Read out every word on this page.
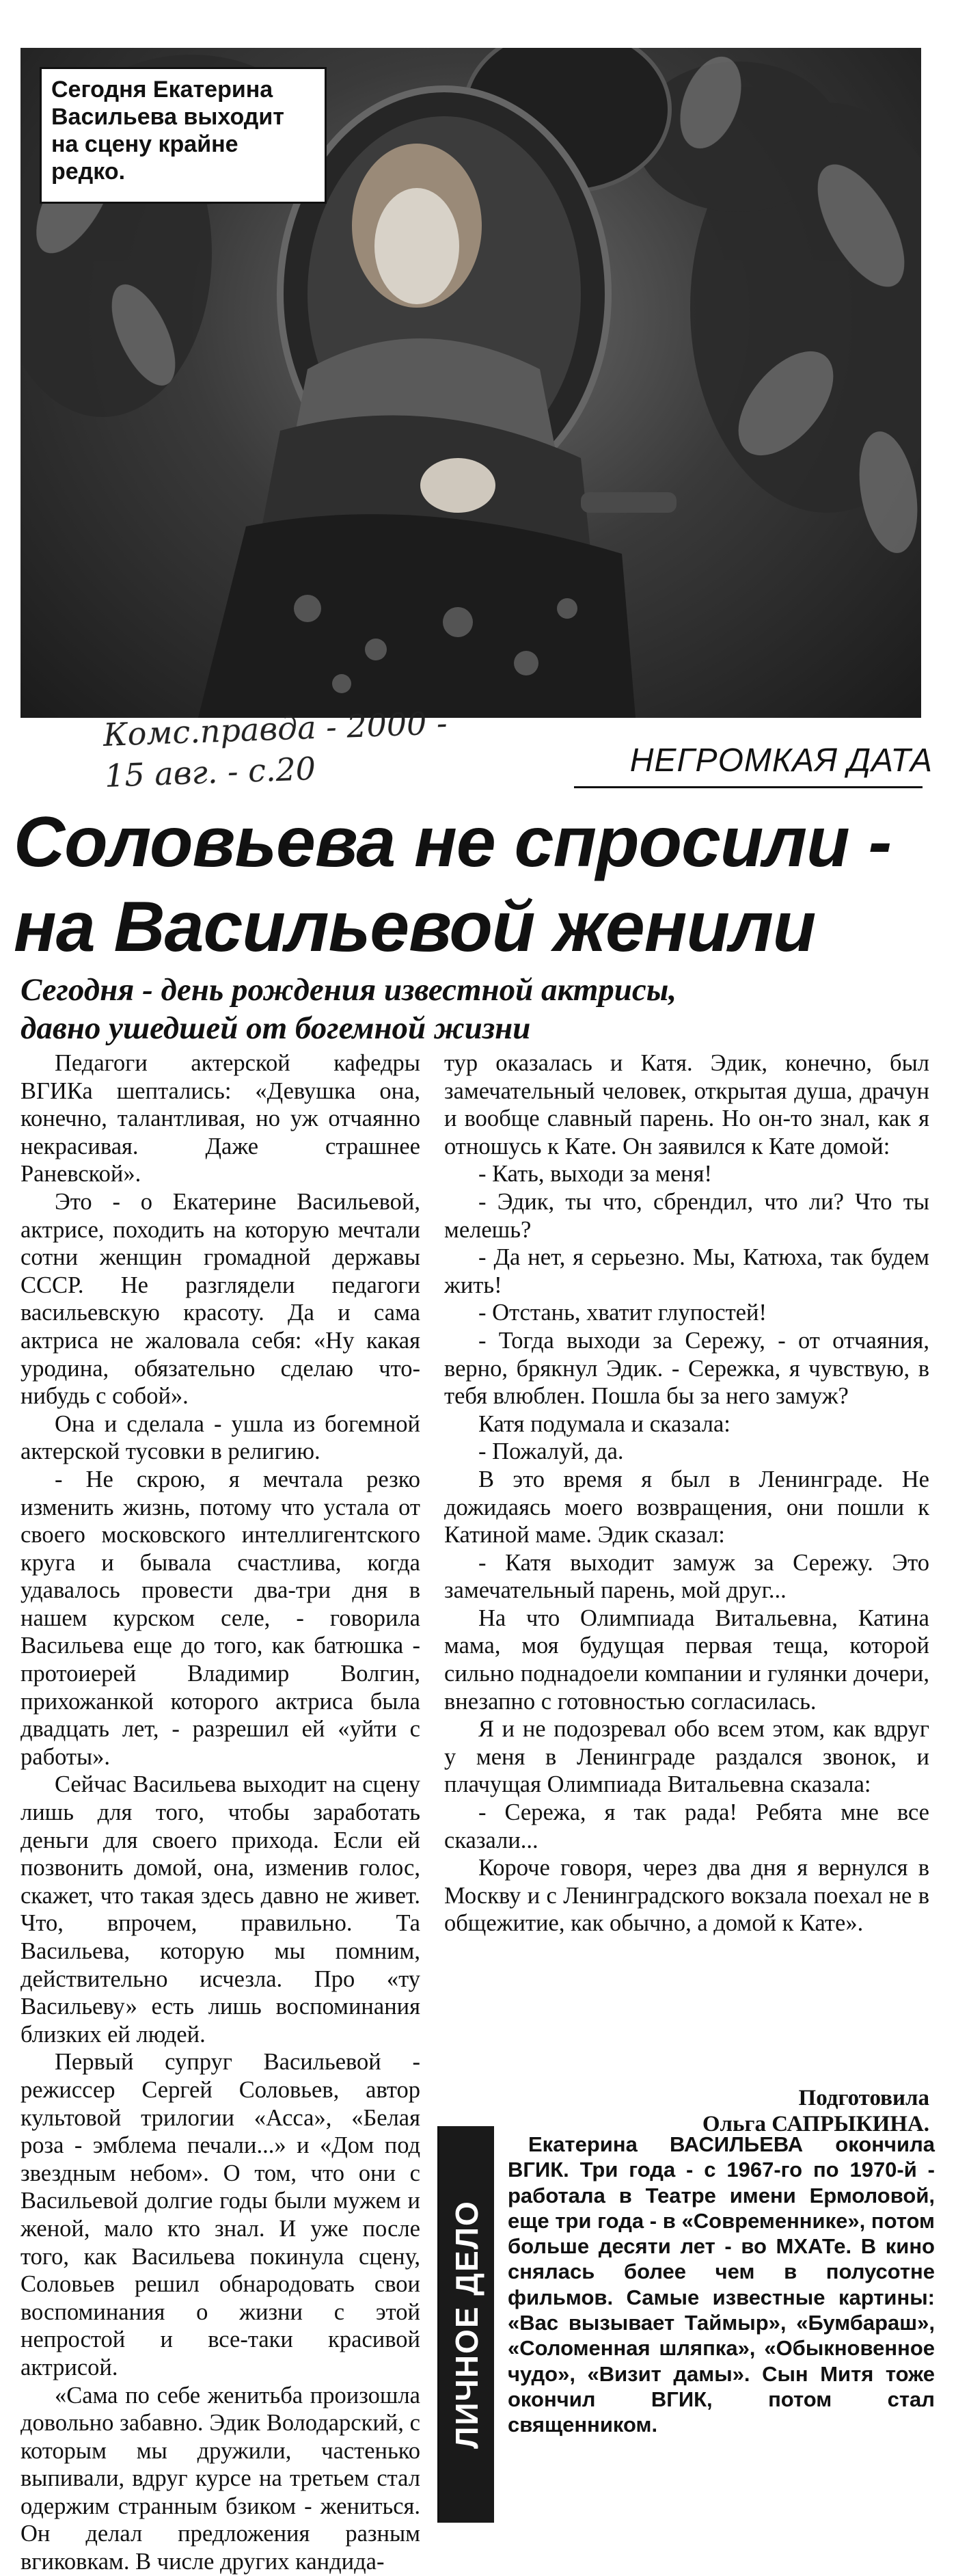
Сегодня Екатерина Васильева выходит на сцену крайне редко.
Комс.правда - 2000 -
15 авг. - с.20	НЕГРОМКАЯ ДАТА
Соловьева не спросили -
на Васильевой женили
Сегодня - день рождения известной актрисы,
давно ушедшей от богемной жизни

Педагоги актерской кафедры ВГИКа шептались: «Девушка она, конечно, талантливая, но уж отчаянно некрасивая. Даже страшнее Раневской».

Это - о Екатерине Васильевой, актрисе, походить на которую мечтали сотни женщин громадной державы СССР. Не разглядели педагоги васильевскую красоту. Да и сама актриса не жаловала себя: «Ну какая уродина, обязательно сделаю что-нибудь с собой».

Она и сделала - ушла из богемной актерской тусовки в религию.

- Не скрою, я мечтала резко изменить жизнь, потому что устала от своего московского интеллигентского круга и бывала счастлива, когда удавалось провести два-три дня в нашем курском селе, - говорила Васильева еще до того, как батюшка - протоиерей Владимир Волгин, прихожанкой которого актриса была двадцать лет, - разрешил ей «уйти с работы».

Сейчас Васильева выходит на сцену лишь для того, чтобы заработать деньги для своего прихода. Если ей позвонить домой, она, изменив голос, скажет, что такая здесь давно не живет. Что, впрочем, правильно. Та Васильева, которую мы помним, действительно исчезла. Про «ту Васильеву» есть лишь воспоминания близких ей людей.

Первый супруг Васильевой - режиссер Сергей Соловьев, автор культовой трилогии «Асса», «Белая роза - эмблема печали...» и «Дом под звездным небом». О том, что они с Васильевой долгие годы были мужем и женой, мало кто знал. И уже после того, как Васильева покинула сцену, Соловьев решил обнародовать свои воспоминания о жизни с этой непростой и все-таки красивой актрисой.

«Сама по себе женитьба произошла довольно забавно. Эдик Володарский, с которым мы дружили, частенько выпивали, вдруг курсе на третьем стал одержим странным бзиком - жениться. Он делал предложения разным вгиковкам. В числе других кандида-

тур оказалась и Катя. Эдик, конечно, был замечательный человек, открытая душа, драчун и вообще славный парень. Но он-то знал, как я отношусь к Кате. Он заявился к Кате домой:

- Кать, выходи за меня!

- Эдик, ты что, сбрендил, что ли? Что ты мелешь?

- Да нет, я серьезно. Мы, Катюха, так будем жить!

- Отстань, хватит глупостей!

- Тогда выходи за Сережу, - от отчаяния, верно, брякнул Эдик. - Сережка, я чувствую, в тебя влюблен. Пошла бы за него замуж?

Катя подумала и сказала:

- Пожалуй, да.

В это время я был в Ленинграде. Не дожидаясь моего возвращения, они пошли к Катиной маме. Эдик сказал:

- Катя выходит замуж за Сережу. Это замечательный парень, мой друг...

На что Олимпиада Витальевна, Катина мама, моя будущая первая теща, которой сильно поднадоели компании и гулянки дочери, внезапно с готовностью согласилась.

Я и не подозревал обо всем этом, как вдруг у меня в Ленинграде раздался звонок, и плачущая Олимпиада Витальевна сказала:

- Сережа, я так рада! Ребята мне все сказали...

Короче говоря, через два дня я вернулся в Москву и с Ленинградского вокзала поехал не в общежитие, как обычно, а домой к Кате».

Подготовила
Ольга САПРЫКИНА.
ЛИЧНОЕ ДЕЛО

Екатерина ВАСИЛЬЕВА окончила ВГИК. Три года - с 1967-го по 1970-й - работала в Театре имени Ермоловой, еще три года - в «Современнике», потом больше десяти лет - во МХАТе. В кино снялась более чем в полусотне фильмов. Самые известные картины: «Вас вызывает Таймыр», «Бумбараш», «Соломенная шляпка», «Обыкновенное чудо», «Визит дамы». Сын Митя тоже окончил ВГИК, потом стал священником.
